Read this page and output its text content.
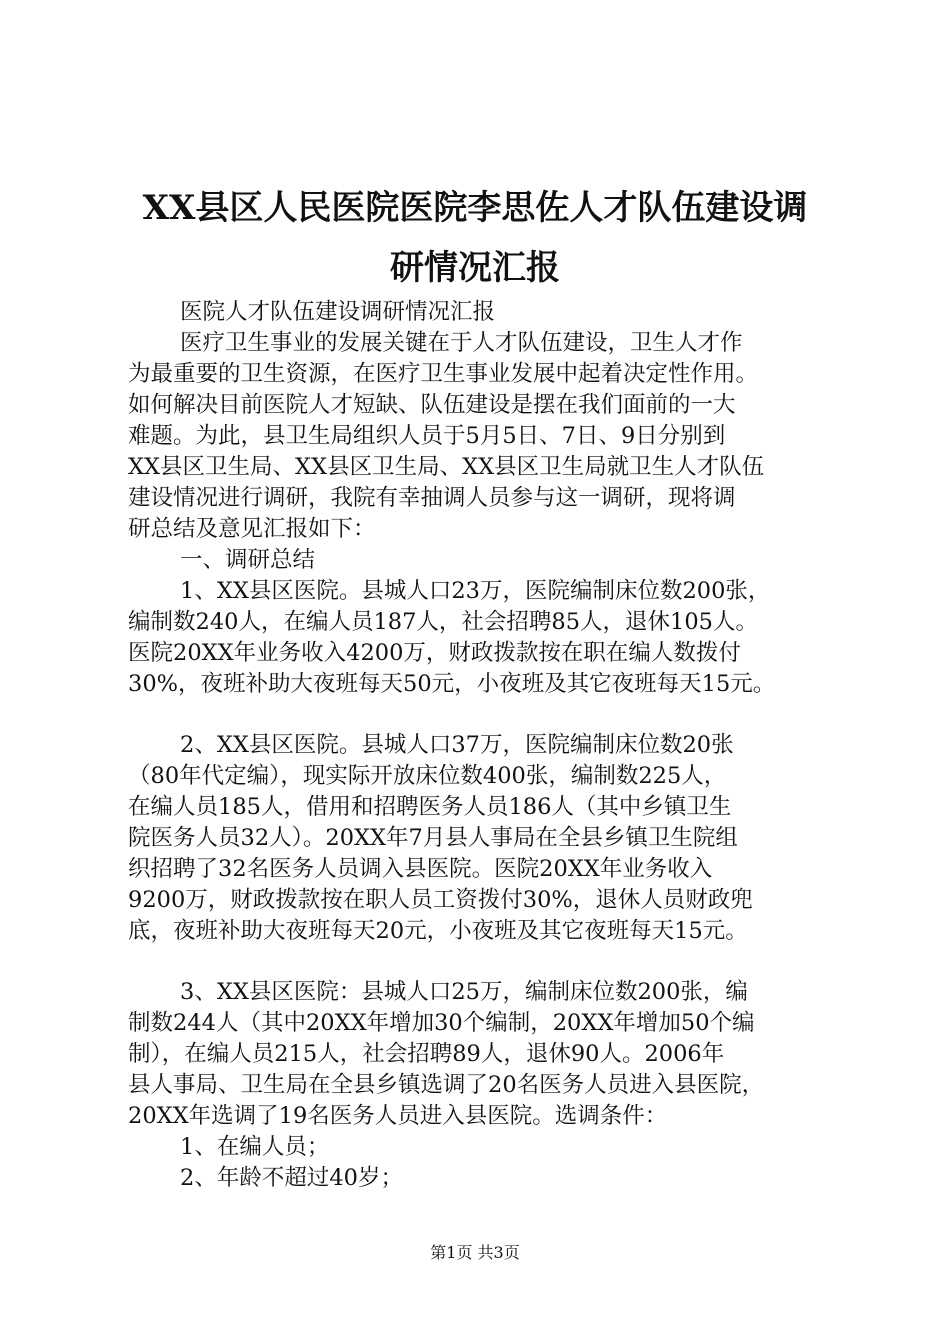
XX县区人民医院医院李思佐人才队伍建设调
研情况汇报
医院人才队伍建设调研情况汇报
医疗卫生事业的发展关键在于人才队伍建设，卫生人才作
为最重要的卫生资源，在医疗卫生事业发展中起着决定性作用。
如何解决目前医院人才短缺、队伍建设是摆在我们面前的一大
难题。为此，县卫生局组织人员于5月5日、7日、9日分别到
XX县区卫生局、XX县区卫生局、XX县区卫生局就卫生人才队伍
建设情况进行调研，我院有幸抽调人员参与这一调研，现将调
研总结及意见汇报如下：
一、调研总结
1、XX县区医院。县城人口23万，医院编制床位数200张，
编制数240人，在编人员187人，社会招聘85人，退休105人。
医院20XX年业务收入4200万，财政拨款按在职在编人数拨付
30%，夜班补助大夜班每天50元，小夜班及其它夜班每天15元。
2、XX县区医院。县城人口37万，医院编制床位数20张
（80年代定编），现实际开放床位数400张，编制数225人，
在编人员185人，借用和招聘医务人员186人（其中乡镇卫生
院医务人员32人）。20XX年7月县人事局在全县乡镇卫生院组
织招聘了32名医务人员调入县医院。医院20XX年业务收入
9200万，财政拨款按在职人员工资拨付30%，退休人员财政兜
底，夜班补助大夜班每天20元，小夜班及其它夜班每天15元。
3、XX县区医院：县城人口25万，编制床位数200张，编
制数244人（其中20XX年增加30个编制，20XX年增加50个编
制），在编人员215人，社会招聘89人，退休90人。2006年
县人事局、卫生局在全县乡镇选调了20名医务人员进入县医院，
20XX年选调了19名医务人员进入县医院。选调条件：
1、在编人员；
2、年龄不超过40岁；
第1页 共3页
